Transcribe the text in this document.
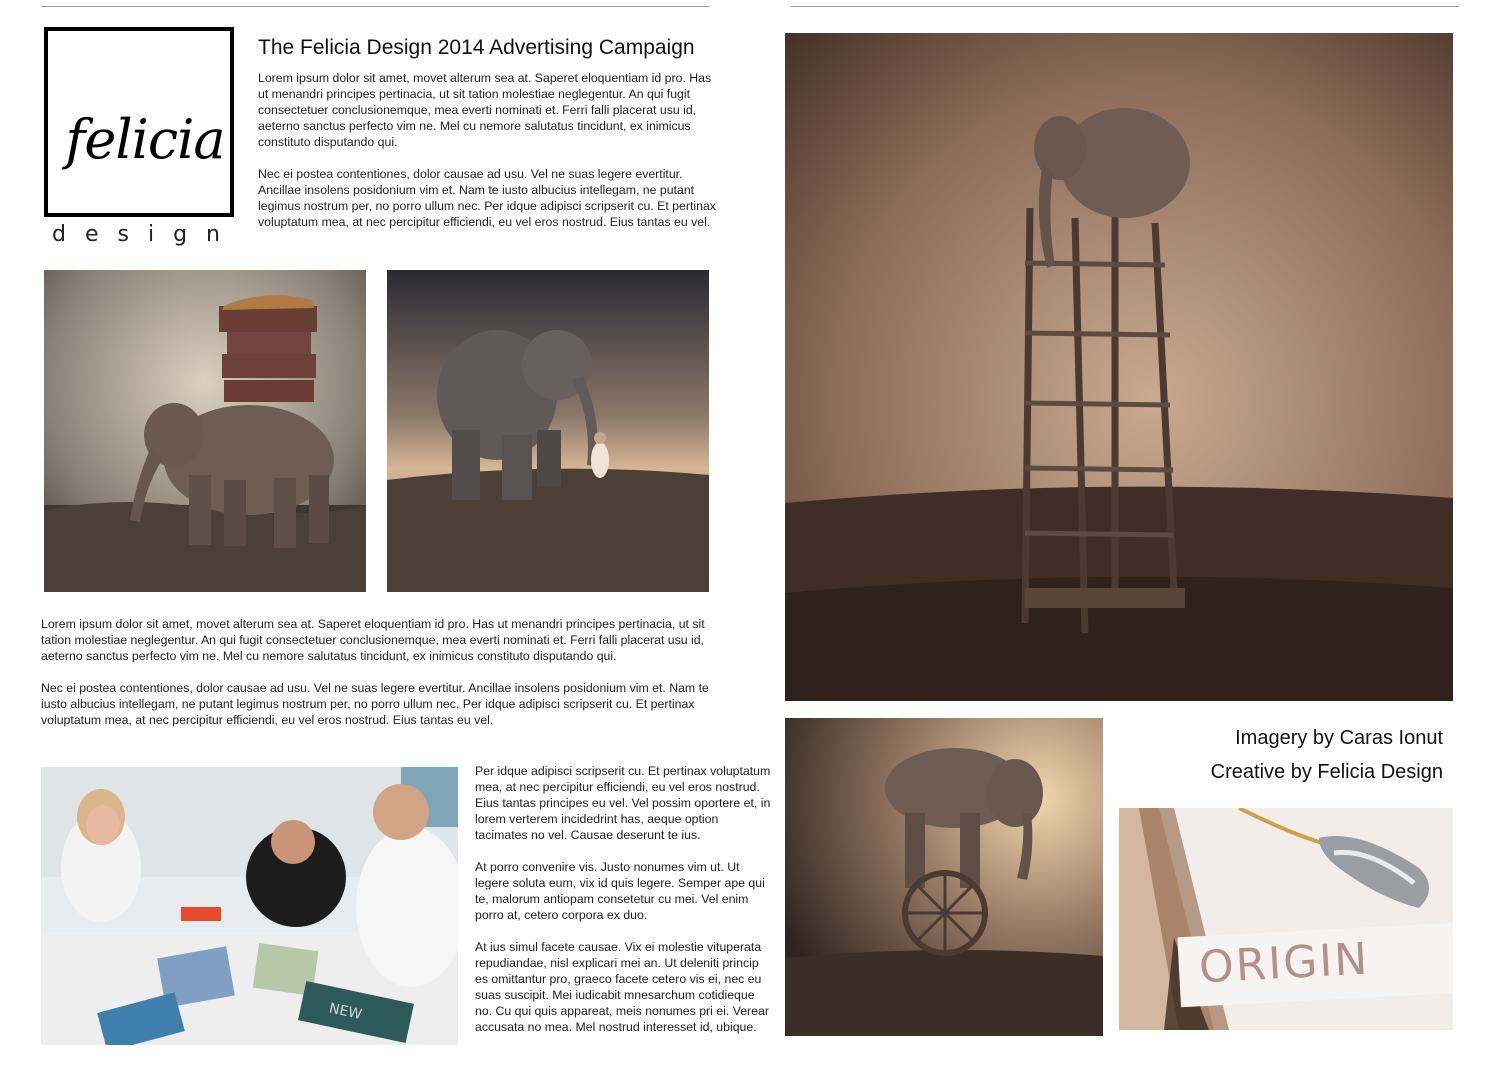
felicia
design
The Felicia Design 2014 Advertising Campaign

Lorem ipsum dolor sit amet, movet alterum sea at. Saperet eloquentiam id pro. Has ut menandri principes pertinacia, ut sit tation molestiae neglegentur. An qui fugit consectetuer conclusionemque, mea everti nominati et. Ferri falli placerat usu id, aeterno sanctus perfecto vim ne. Mel cu nemore salutatus tincidunt, ex inimicus constituto disputando qui.

Nec ei postea contentiones, dolor causae ad usu. Vel ne suas legere evertitur. Ancillae insolens posidonium vim et. Nam te iusto albucius intellegam, ne putant legimus nostrum per, no porro ullum nec. Per idque adipisci scripserit cu. Et pertinax voluptatum mea, at nec percipitur efficiendi, eu vel eros nostrud. Eius tantas eu vel.

Lorem ipsum dolor sit amet, movet alterum sea at. Saperet eloquentiam id pro. Has ut menandri principes pertinacia, ut sit tation molestiae neglegentur. An qui fugit consectetuer conclusionemque, mea everti nominati et. Ferri falli placerat usu id, aeterno sanctus perfecto vim ne. Mel cu nemore salutatus tincidunt, ex inimicus constituto disputando qui.

Nec ei postea contentiones, dolor causae ad usu. Vel ne suas legere evertitur. Ancillae insolens posidonium vim et. Nam te iusto albucius intellegam, ne putant legimus nostrum per, no porro ullum nec. Per idque adipisci scripserit cu. Et pertinax voluptatum mea, at nec percipitur efficiendi, eu vel eros nostrud. Eius tantas eu vel.

NEW

Per idque adipisci scripserit cu. Et pertinax voluptatum mea, at nec percipitur efficiendi, eu vel eros nostrud. Eius tantas principes eu vel. Vel possim oportere et, in lorem verterem incidedrint has, aeque option tacimates no vel. Causae deserunt te ius.

At porro convenire vis. Justo nonumes vim ut. Ut legere soluta eum, vix id quis legere. Semper ape qui te, malorum antiopam consetetur cu mei. Vel enim porro at, cetero corpora ex duo.

At ius simul facete causae. Vix ei molestie vituperata repudiandae, nisl explicari mei an. Ut deleniti princip es omittantur pro, graeco facete cetero vis ei, nec eu suas suscipit. Mei iudicabit mnesarchum cotidieque no. Cu qui quis appareat, meis nonumes pri ei. Verear accusata no mea. Mel nostrud interesset id, ubique.

Imagery by Caras Ionut
Creative by Felicia Design
ORIGIN
